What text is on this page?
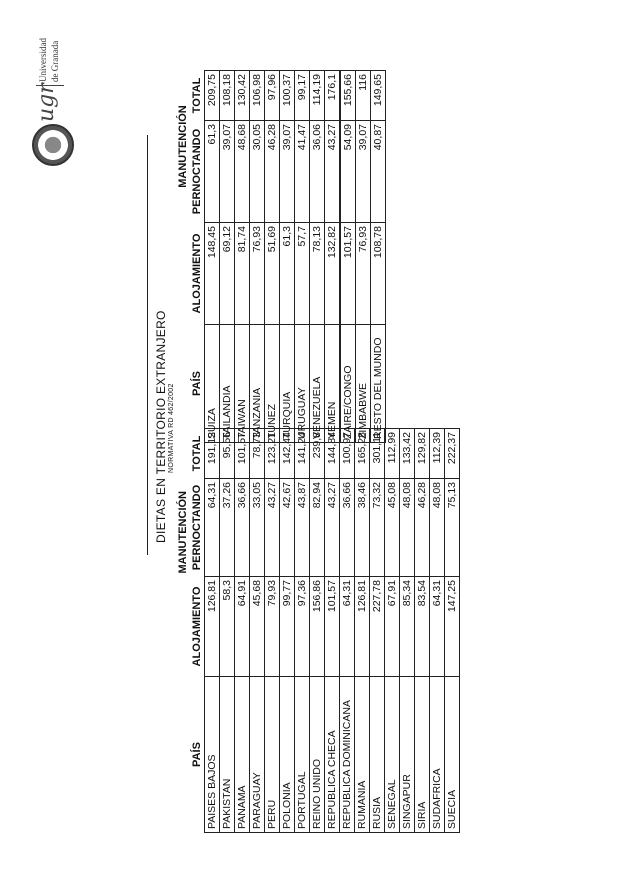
ugr
Universidad de Granada
DIETAS EN TERRITORIO EXTRANJERO NORMATIVA RD 462/2002
PAÍS	ALOJAMIENTO	MANUTENCIÓN	
		PERNOCTANDO	TOTAL
PAISES BAJOS	126,81	64,31	191,12
PAKISTAN	58,3	37,26	95,56
PANAMA	64,91	36,66	101,57
PARAGUAY	45,68	33,05	78,73
PERU	79,93	43,27	123,21
POLONIA	99,77	42,67	142,44
PORTUGAL	97,36	43,87	141,24
REINO UNIDO	156,86	82,94	239,8
REPUBLICA CHECA	101,57	43,27	144,84
REPUBLICA DOMINICANA	64,31	36,66	100,97
RUMANIA	126,81	38,46	165,28
RUSIA	227,78	73,32	301,11
SENEGAL	67,91	45,08	112,99
SINGAPUR	85,34	48,08	133,42
SIRIA	83,54	46,28	129,82
SUDAFRICA	64,31	48,08	112,39
SUECIA	147,25	75,13	222,37
PAÍS	ALOJAMIENTO	MANUTENCIÓN	
		PERNOCTANDO	TOTAL
SUIZA	148,45	61,3	209,75
TAILANDIA	69,12	39,07	108,18
TAIWAN	81,74	48,68	130,42
TANZANIA	76,93	30,05	106,98
TUNEZ	51,69	46,28	97,96
TURQUIA	61,3	39,07	100,37
URUGUAY	57,7	41,47	99,17
VENEZUELA	78,13	36,06	114,19
YEMEN	132,82	43,27	176,1

ZAIRE/CONGO	101,57	54,09	155,66
ZIMBABWE	76,93	39,07	116
RESTO DEL MUNDO	108,78	40,87	149,65
